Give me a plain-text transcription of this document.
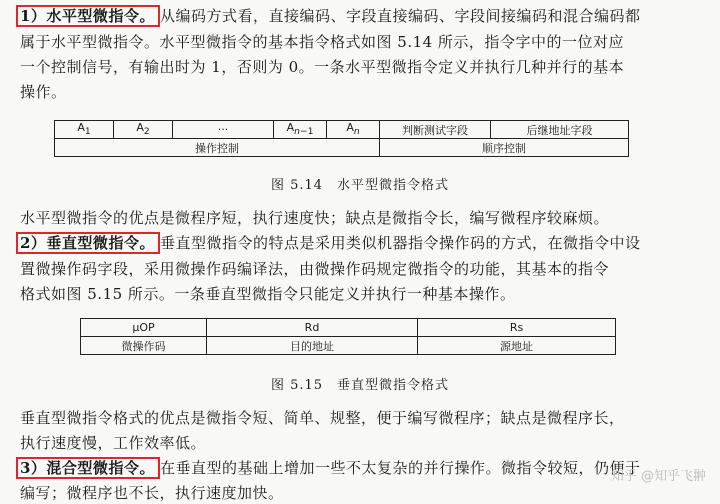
1）水平型微指令。 从编码方式看，直接编码、字段直接编码、字段间接编码和混合编码都
属于水平型微指令。水平型微指令的基本指令格式如图 5.14 所示，指令字中的一位对应
一个控制信号，有输出时为 1，否则为 0。一条水平型微指令定义并执行几种并行的基本
操作。
$A_1$	$A_2$	···	$A_{n-1}$	$A_n$	判断测试字段	后继地址字段
操作控制					顺序控制	
图 5.14　水平型微指令格式
水平型微指令的优点是微程序短，执行速度快；缺点是微指令长，编写微程序较麻烦。
2）垂直型微指令。 垂直型微指令的特点是采用类似机器指令操作码的方式，在微指令中设
置微操作码字段，采用微操作码编译法，由微操作码规定微指令的功能，其基本的指令
格式如图 5.15 所示。一条垂直型微指令只能定义并执行一种基本操作。
μOP	Rd	Rs
微操作码	目的地址	源地址
图 5.15　垂直型微指令格式
垂直型微指令格式的优点是微指令短、简单、规整，便于编写微程序；缺点是微程序长，
执行速度慢，工作效率低。
3）混合型微指令。 在垂直型的基础上增加一些不太复杂的并行操作。微指令较短，仍便于
编写；微程序也不长，执行速度加快。
知乎 @知乎飞翀
